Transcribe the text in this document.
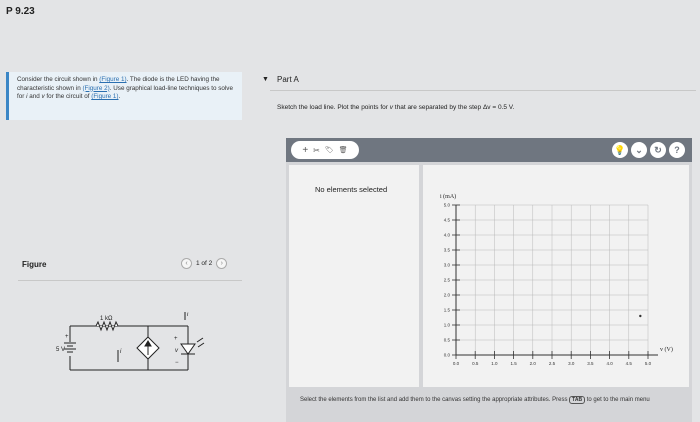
P 9.23
Consider the circuit shown in (Figure 1). The diode is the LED having the characteristic shown in (Figure 2). Use graphical load-line techniques to solve for i and v for the circuit of (Figure 1).
Figure	‹	1 of 2	›
5 V
+
1 kΩ
i
+
v
−
i
▼ Part A
Sketch the load line. Plot the points for v that are separated by the step Δv = 0.5 V.
+ ✂ 🏷 🗑	💡	⌄	↻	?
No elements selected
0.0
0.0
0.5
0.5
1.0
1.0
1.5
1.5
2.0
2.0
2.5
2.5
3.0
3.0
3.5
3.5
4.0
4.0
4.5
4.5
5.0
5.0
i (mA)
v (V)
Select the elements from the list and add them to the canvas setting the appropriate attributes. Press TAB to get to the main menu
